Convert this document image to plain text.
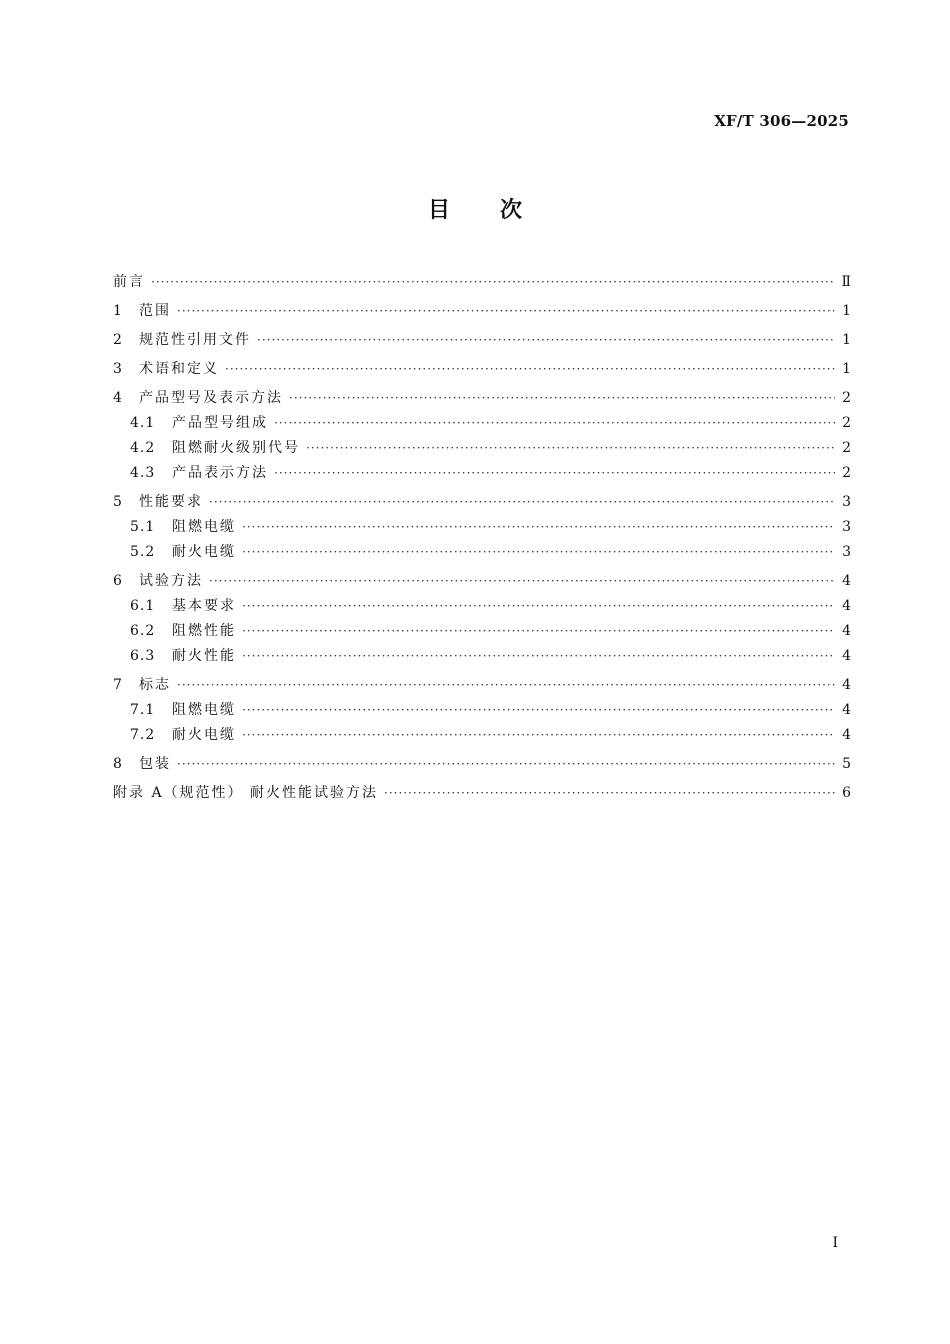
XF/T 306—2025
目次
前言 ·····	Ⅱ
1	范围 ·····	1
2	规范性引用文件 ·····	1
3	术语和定义 ·····	1
4	产品型号及表示方法 ·····	2
4.1	产品型号组成 ·····	2
4.2	阻燃耐火级别代号 ·····	2
4.3	产品表示方法 ·····	2
5	性能要求 ·····	3
5.1	阻燃电缆 ·····	3
5.2	耐火电缆 ·····	3
6	试验方法 ·····	4
6.1	基本要求 ·····	4
6.2	阻燃性能 ·····	4
6.3	耐火性能 ·····	4
7	标志 ·····	4
7.1	阻燃电缆 ·····	4
7.2	耐火电缆 ·····	4
8	包装 ·····	5
附录 A（规范性） 耐火性能试验方法 ·····	6
Ⅰ
